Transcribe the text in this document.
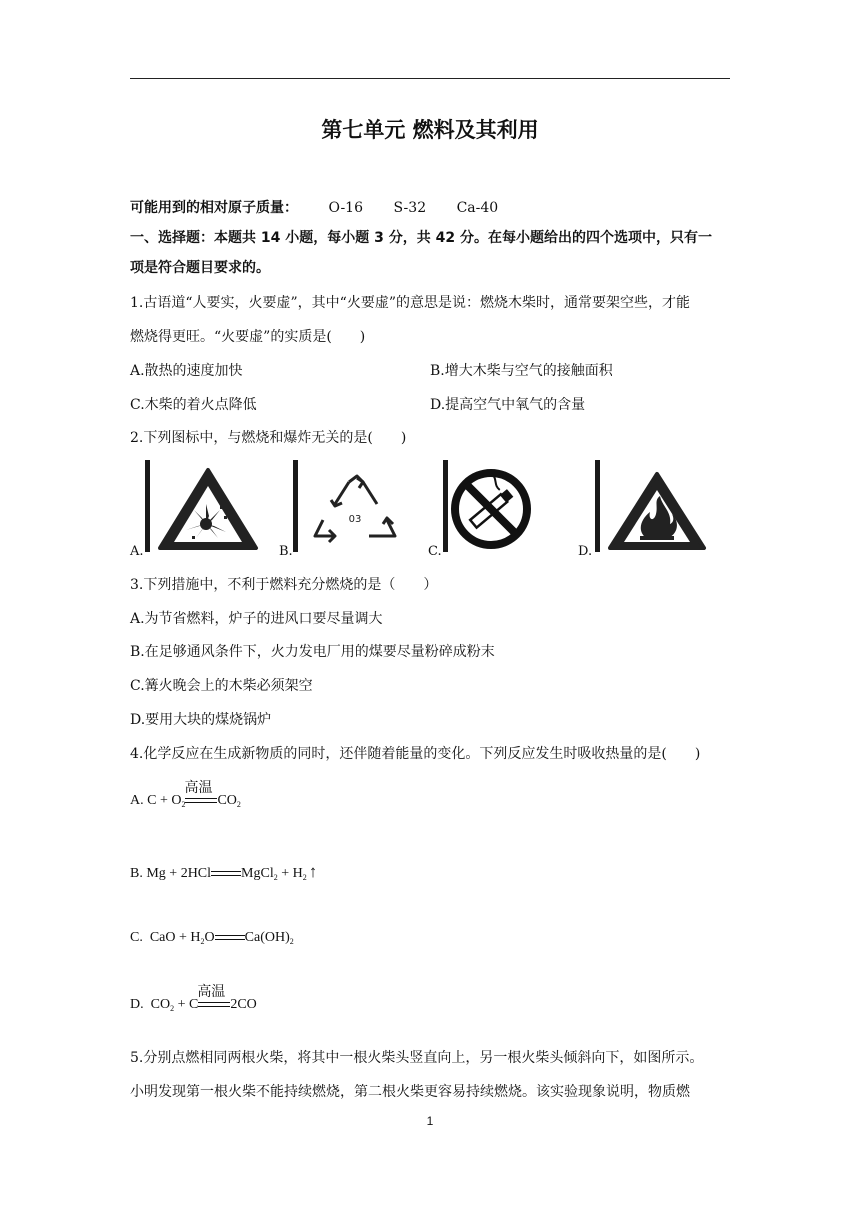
第七单元 燃料及其利用
可能用到的相对原子质量： O-16 S-32 Ca-40
一、选择题：本题共 14 小题，每小题 3 分，共 42 分。在每小题给出的四个选项中，只有一
项是符合题目要求的。
1.古语道“人要实，火要虚”，其中“火要虚”的意思是说：燃烧木柴时，通常要架空些，才能
燃烧得更旺。“火要虚”的实质是(　　)
A.散热的速度加快	B.增大木柴与空气的接触面积
C.木柴的着火点降低	D.提高空气中氧气的含量
2.下列图标中，与燃烧和爆炸无关的是(　　)
A.	B.
03
C.	D.
3.下列措施中，不利于燃料充分燃烧的是（　　）
A.为节省燃料，炉子的进风口要尽量调大
B.在足够通风条件下，火力发电厂用的煤要尽量粉碎成粉末
C.篝火晚会上的木柴必须架空
D.要用大块的煤烧锅炉
4.化学反应在生成新物质的同时，还伴随着能量的变化。下列反应发生时吸收热量的是(　　)
A. $C + O_2$
高温
$CO_2$
B. Mg + 2HCl MgCl$_2$ + $H_2$ ↑
C.  CaO + $H_2O$ $Ca(OH)_2$
D.  $CO_2 + C$
高温
2CO
5.分别点燃相同两根火柴，将其中一根火柴头竖直向上，另一根火柴头倾斜向下，如图所示。
小明发现第一根火柴不能持续燃烧，第二根火柴更容易持续燃烧。该实验现象说明，物质燃
1
